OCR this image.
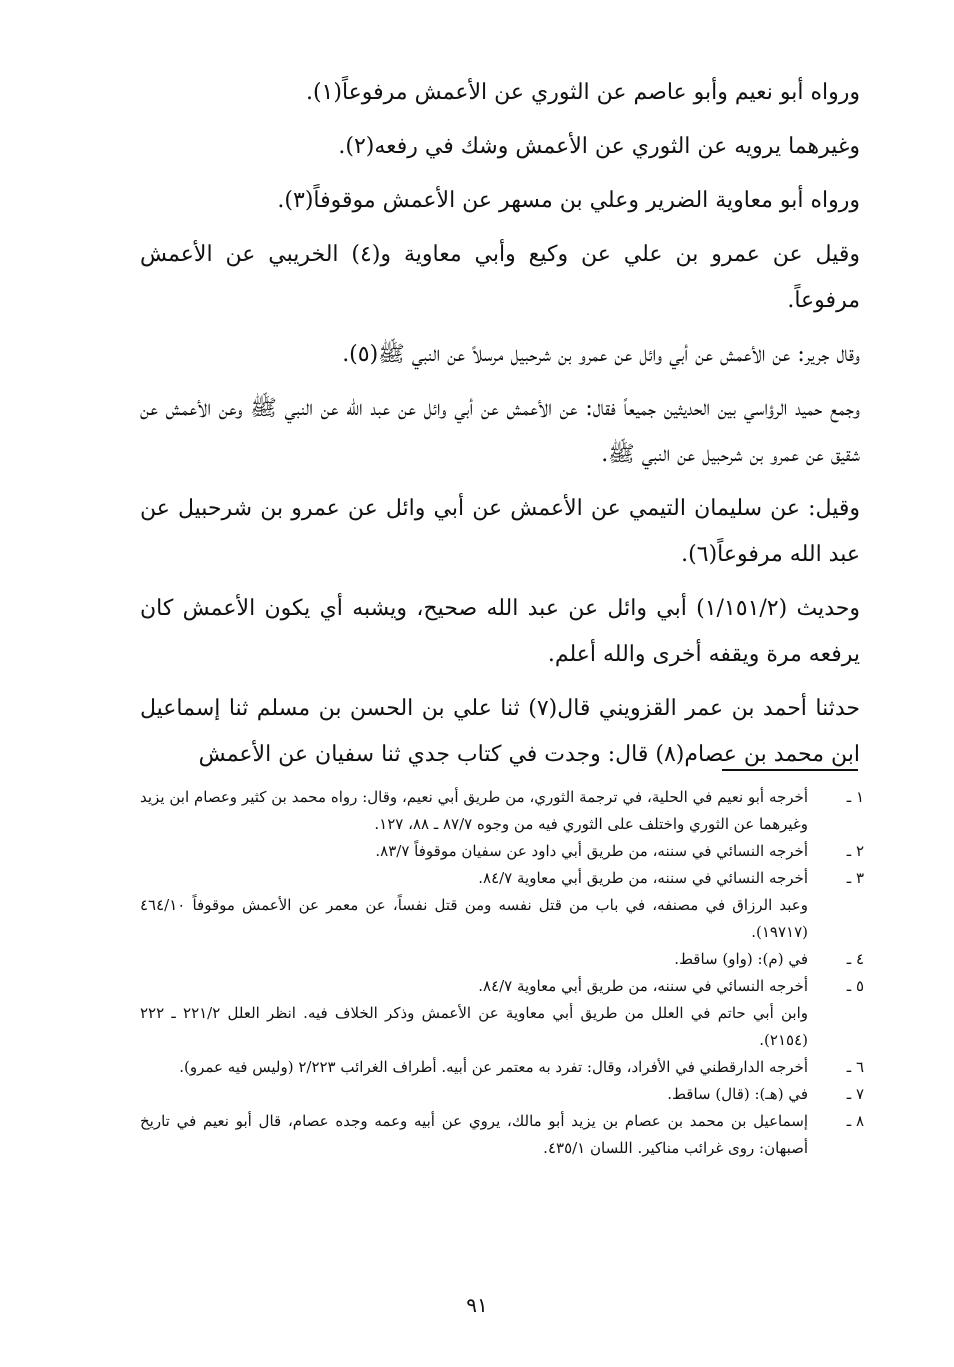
ورواه أبو نعيم وأبو عاصم عن الثوري عن الأعمش مرفوعاً(١).

وغيرهما يرويه عن الثوري عن الأعمش وشك في رفعه(٢).

ورواه أبو معاوية الضرير وعلي بن مسهر عن الأعمش موقوفاً(٣).

وقيل عن عمرو بن علي عن وكيع وأبي معاوية و(٤) الخريبي عن الأعمش مرفوعاً.

وقال جرير: عن الأعمش عن أبي وائل عن عمرو بن شرحبيل مرسلاً عن النبي ﷺ(٥).

وجمع حميد الرؤاسي بين الحديثين جميعاً فقال: عن الأعمش عن أبي وائل عن عبد الله عن النبي ﷺ وعن الأعمش عن شقيق عن عمرو بن شرحبيل عن النبي ﷺ.

وقيل: عن سليمان التيمي عن الأعمش عن أبي وائل عن عمرو بن شرحبيل عن عبد الله مرفوعاً(٦).

وحديث (١/١٥١/٢) أبي وائل عن عبد الله صحيح، ويشبه أي يكون الأعمش كان يرفعه مرة ويقفه أخرى والله أعلم.

حدثنا أحمد بن عمر القزويني قال(٧) ثنا علي بن الحسن بن مسلم ثنا إسماعيل ابن محمد بن عصام(٨) قال: وجدت في كتاب جدي ثنا سفيان عن الأعمش

١ ـ
أخرجه أبو نعيم في الحلية، في ترجمة الثوري، من طريق أبي نعيم، وقال: رواه محمد بن كثير وعصام ابن يزيد وغيرهما عن الثوري واختلف على الثوري فيه من وجوه ٨٧/٧ ـ ٨٨، ١٢٧.
٢ ـ
أخرجه النسائي في سننه، من طريق أبي داود عن سفيان موقوفاً ٨٣/٧.
٣ ـ
أخرجه النسائي في سننه، من طريق أبي معاوية ٨٤/٧.
وعبد الرزاق في مصنفه، في باب من قتل نفسه ومن قتل نفساً، عن معمر عن الأعمش موقوفاً ٤٦٤/١٠ (١٩٧١٧).
٤ ـ
في (م): (واو) ساقط.
٥ ـ
أخرجه النسائي في سننه، من طريق أبي معاوية ٨٤/٧.
وابن أبي حاتم في العلل من طريق أبي معاوية عن الأعمش وذكر الخلاف فيه. انظر العلل ٢٢١/٢ ـ ٢٢٢ (٢١٥٤).
٦ ـ
أخرجه الدارقطني في الأفراد، وقال: تفرد به معتمر عن أبيه. أطراف الغرائب ٢/٢٢٣ (وليس فيه عمرو).
٧ ـ
في (هـ): (قال) ساقط.
٨ ـ
إسماعيل بن محمد بن عصام بن يزيد أبو مالك، يروي عن أبيه وعمه وجده عصام، قال أبو نعيم في تاريخ أصبهان: روى غرائب مناكير. اللسان ٤٣٥/١.
٩١
